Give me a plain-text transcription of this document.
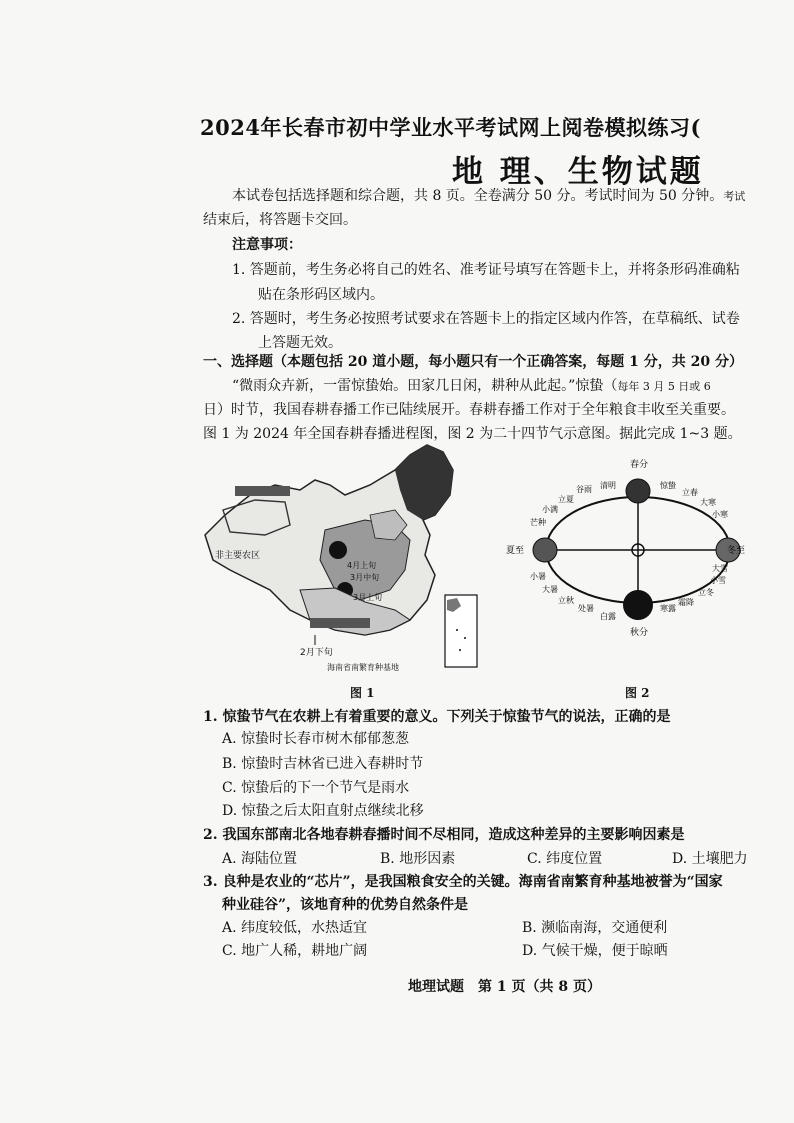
2024年长春市初中学业水平考试网上阅卷模拟练习(
地 理、生物试题
本试卷包括选择题和综合题，共 8 页。全卷满分 50 分。考试时间为 50 分钟。考试
结束后，将答题卡交回。
注意事项：
1. 答题前，考生务必将自己的姓名、准考证号填写在答题卡上，并将条形码准确粘
贴在条形码区域内。
2. 答题时，考生务必按照考试要求在答题卡上的指定区域内作答，在草稿纸、试卷
上答题无效。
一、选择题（本题包括 20 道小题，每小题只有一个正确答案，每题 1 分，共 20 分）
“微雨众卉新，一雷惊蛰始。田家几日闲，耕种从此起。”惊蛰（每年 3 月 5 日或 6
日）时节，我国春耕春播工作已陆续展开。春耕春播工作对于全年粮食丰收至关重要。
图 1 为 2024 年全国春耕春播进程图，图 2 为二十四节气示意图。据此完成 1~3 题。
非主要农区
4月上旬
3月中旬
3月上旬
2月下旬
海南省南繁育种基地
图 1
春分
夏至	冬至
秋分
清明
谷雨
立夏
小满
芒种
惊蛰
立春
大寒
小寒
小暑
大暑
立秋
处暑
白露
寒露
霜降
立冬
小雪
大雪
图 2
1. 惊蛰节气在农耕上有着重要的意义。下列关于惊蛰节气的说法，正确的是
A. 惊蛰时长春市树木郁郁葱葱
B. 惊蛰时吉林省已进入春耕时节
C. 惊蛰后的下一个节气是雨水
D. 惊蛰之后太阳直射点继续北移
2. 我国东部南北各地春耕春播时间不尽相同，造成这种差异的主要影响因素是
A. 海陆位置	B. 地形因素	C. 纬度位置	D. 土壤肥力
3. 良种是农业的“芯片”，是我国粮食安全的关键。海南省南繁育种基地被誉为“国家
种业硅谷”，该地育种的优势自然条件是
A. 纬度较低，水热适宜	B. 濒临南海，交通便利
C. 地广人稀，耕地广阔	D. 气候干燥，便于晾晒
地理试题　第 1 页（共 8 页）
